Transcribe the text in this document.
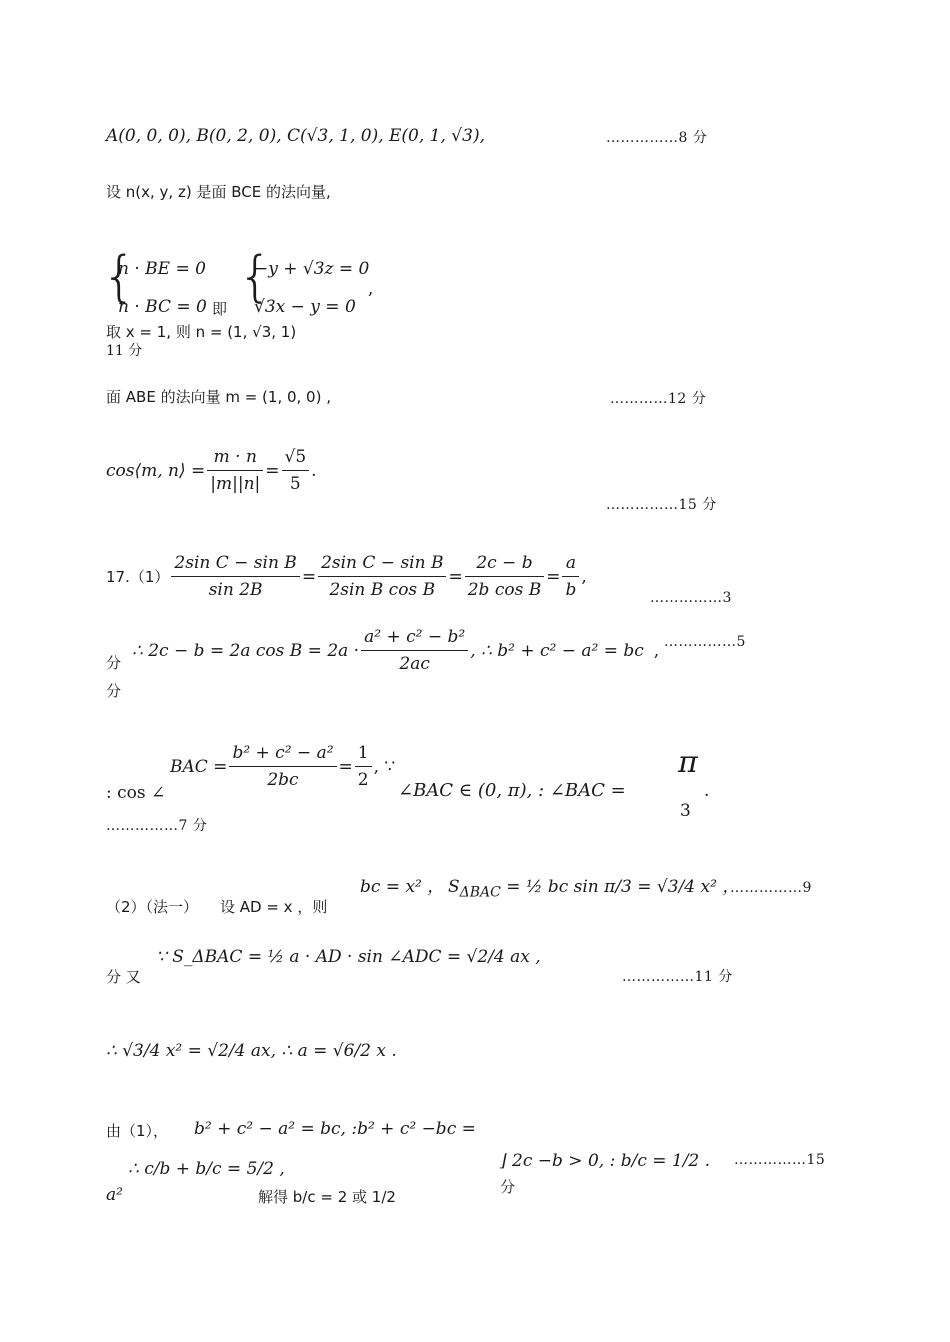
A(0, 0, 0), B(0, 2, 0), C(√3, 1, 0), E(0, 1, √3),	……………8 分
设 n(x, y, z) 是面 BCE 的法向量,
{
n · BE = 0
n · BC = 0 即
{
−y + √3z = 0
√3x − y = 0
,
取 x = 1, 则 n = (1, √3, 1)
11 分
面 ABE 的法向量 m = (1, 0, 0) ,	…………12 分
cos⟨m, n⟩ = $\frac{m \cdot n}{|m||n|} = \frac{√5}{5}$ .
……………15 分
$17.(1) \frac{\text{2sin C − sin B}}{\sin 2B} = \frac{\text{2sin C − sin B}}{\text{2sin B cos B}} = \frac{2c - b}{\text{2b cos B}} = \frac{a}{b}$ ,
……………3
∴ 2c − b = 2a $\cos B = 2a \cdot \frac{\text{a² + c² − b²}}{2ac}$ , ∴ b² + c² − a² = bc , ……………5
分
分
: cos ∠
BAC = $\frac{\text{b² + c² − a²}}{2bc} = \frac{1}{2}$ , ∵
∠BAC ∈ (0, π), : ∠BAC =
π
3
.
……………7 分
（2）（法一） 设 AD = x ，则
bc = x² ， $S_{\Delta BAC}$ = ½ bc sin π/3 = √3/4 x² ，
……………9
分 又
∵ S_ΔBAC = ½ a · AD · sin ∠ADC = √2/4 ax ,
……………11 分
∴ √3/4 x² = √2/4 ax, ∴ a = √6/2 x .
由（1）， b² + c² − a² = bc, :b² + c² −bc =
a²
∴ c/b + b/c = 5/2 ,
解得 b/c = 2 或 1/2
⌋ 2c −b > 0, : b/c = 1/2 .
分
……………15
